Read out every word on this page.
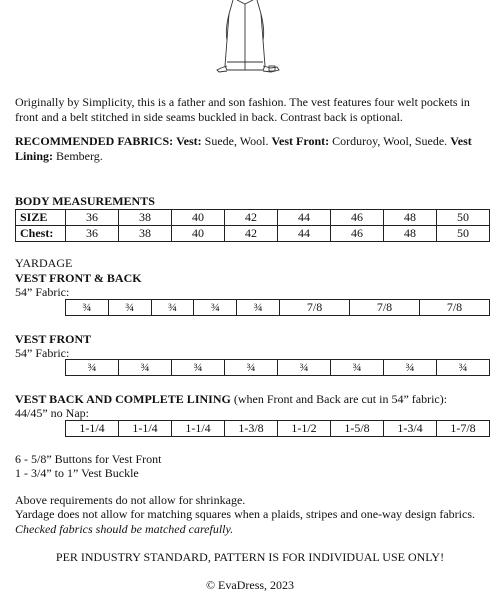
Originally by Simplicity, this is a father and son fashion. The vest features four welt pockets in front and a belt stitched in side seams buckled in back. Contrast back is optional.
RECOMMENDED FABRICS: Vest: Suede, Wool. Vest Front: Corduroy, Wool, Suede. Vest Lining: Bemberg.
BODY MEASUREMENTS
SIZE	36	38	40	42	44	46	48	50
Chest:	36	38	40	42	44	46	48	50
YARDAGE
VEST FRONT & BACK
54” Fabric:
¾	¾	¾	¾	¾	7/8	7/8	7/8
VEST FRONT
54” Fabric:
¾	¾	¾	¾	¾	¾	¾	¾
VEST BACK AND COMPLETE LINING (when Front and Back are cut in 54” fabric):
44/45” no Nap:
1-1/4	1-1/4	1-1/4	1-3/8	1-1/2	1-5/8	1-3/4	1-7/8
6 - 5/8” Buttons for Vest Front
1 - 3/4” to 1” Vest Buckle
Above requirements do not allow for shrinkage.
Yardage does not allow for matching squares when a plaids, stripes and one-way design fabrics. Checked fabrics should be matched carefully.
PER INDUSTRY STANDARD, PATTERN IS FOR INDIVIDUAL USE ONLY!
© EvaDress, 2023
